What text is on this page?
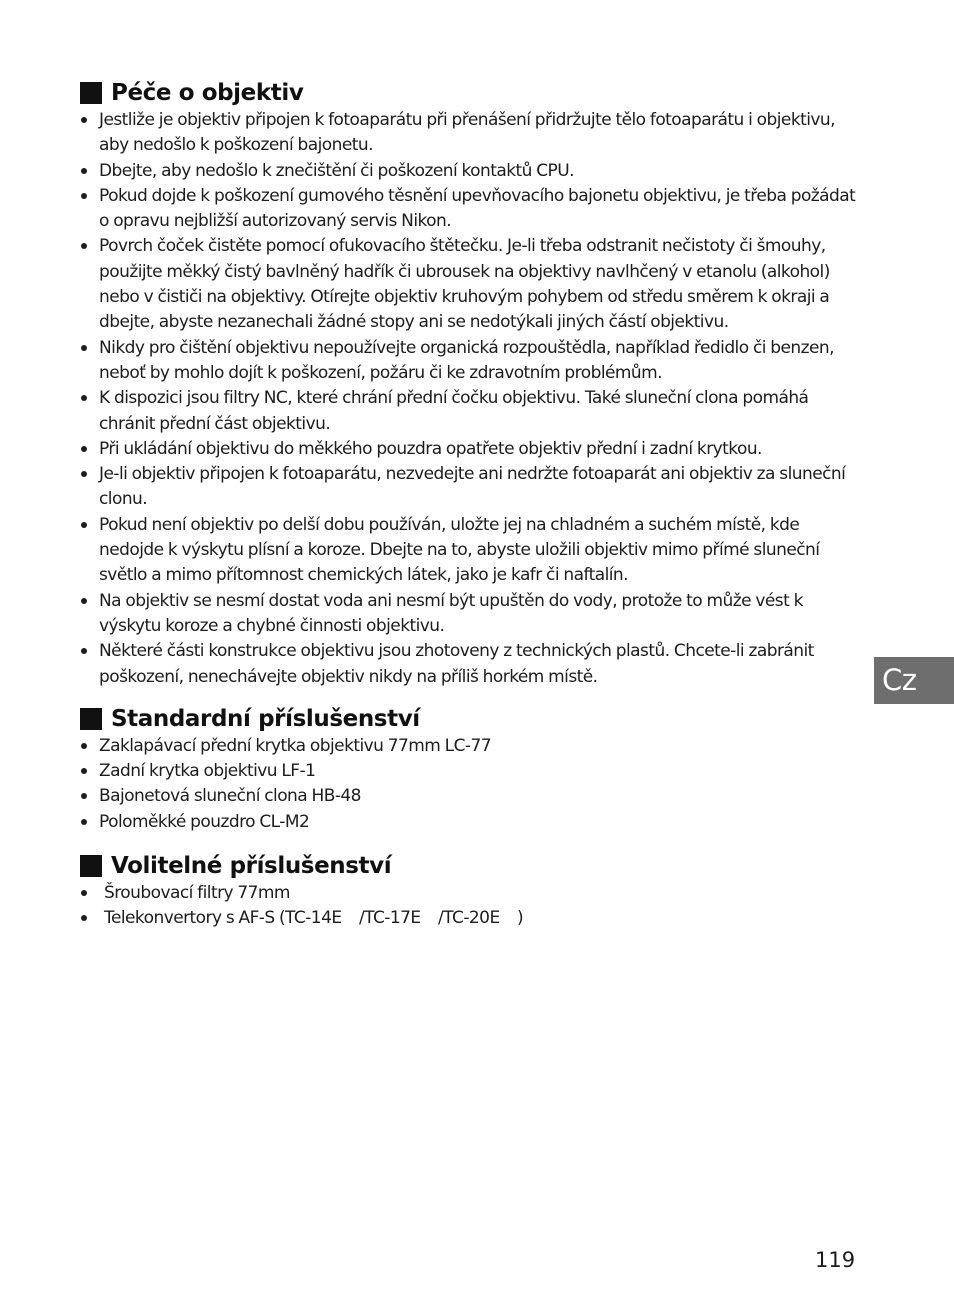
Péče o objektiv
Jestliže je objektiv připojen k fotoaparátu při přenášení přidržujte tělo fotoaparátu i objektivu, aby nedošlo k poškození bajonetu.
Dbejte, aby nedošlo k znečištění či poškození kontaktů CPU.
Pokud dojde k poškození gumového těsnění upevňovacího bajonetu objektivu, je třeba požádat o opravu nejbližší autorizovaný servis Nikon.
Povrch čoček čistěte pomocí ofukovacího štětečku. Je-li třeba odstranit nečistoty či šmouhy, použijte měkký čistý bavlněný hadřík či ubrousek na objektivy navlhčený v etanolu (alkohol) nebo v čističi na objektivy. Otírejte objektiv kruhovým pohybem od středu směrem k okraji a dbejte, abyste nezanechali žádné stopy ani se nedotýkali jiných částí objektivu.
Nikdy pro čištění objektivu nepoužívejte organická rozpouštědla, například ředidlo či benzen, neboť by mohlo dojít k poškození, požáru či ke zdravotním problémům.
K dispozici jsou filtry NC, které chrání přední čočku objektivu. Také sluneční clona pomáhá chránit přední část objektivu.
Při ukládání objektivu do měkkého pouzdra opatřete objektiv přední i zadní krytkou.
Je-li objektiv připojen k fotoaparátu, nezvedejte ani nedržte fotoaparát ani objektiv za sluneční clonu.
Pokud není objektiv po delší dobu používán, uložte jej na chladném a suchém místě, kde nedojde k výskytu plísní a koroze. Dbejte na to, abyste uložili objektiv mimo přímé sluneční světlo a mimo přítomnost chemických látek, jako je kafr či naftalín.
Na objektiv se nesmí dostat voda ani nesmí být upuštěn do vody, protože to může vést k výskytu koroze a chybné činnosti objektivu.
Některé části konstrukce objektivu jsou zhotoveny z technických plastů. Chcete-li zabránit poškození, nenechávejte objektiv nikdy na příliš horkém místě.
Standardní příslušenství
Zaklapávací přední krytka objektivu 77mm LC-77
Zadní krytka objektivu LF-1
Bajonetová sluneční clona HB-48
Poloměkké pouzdro CL-M2
Volitelné příslušenství
Šroubovací filtry 77mm
Telekonvertory s AF-S (TC-14E    /TC-17E    /TC-20E    )
Cz
119
